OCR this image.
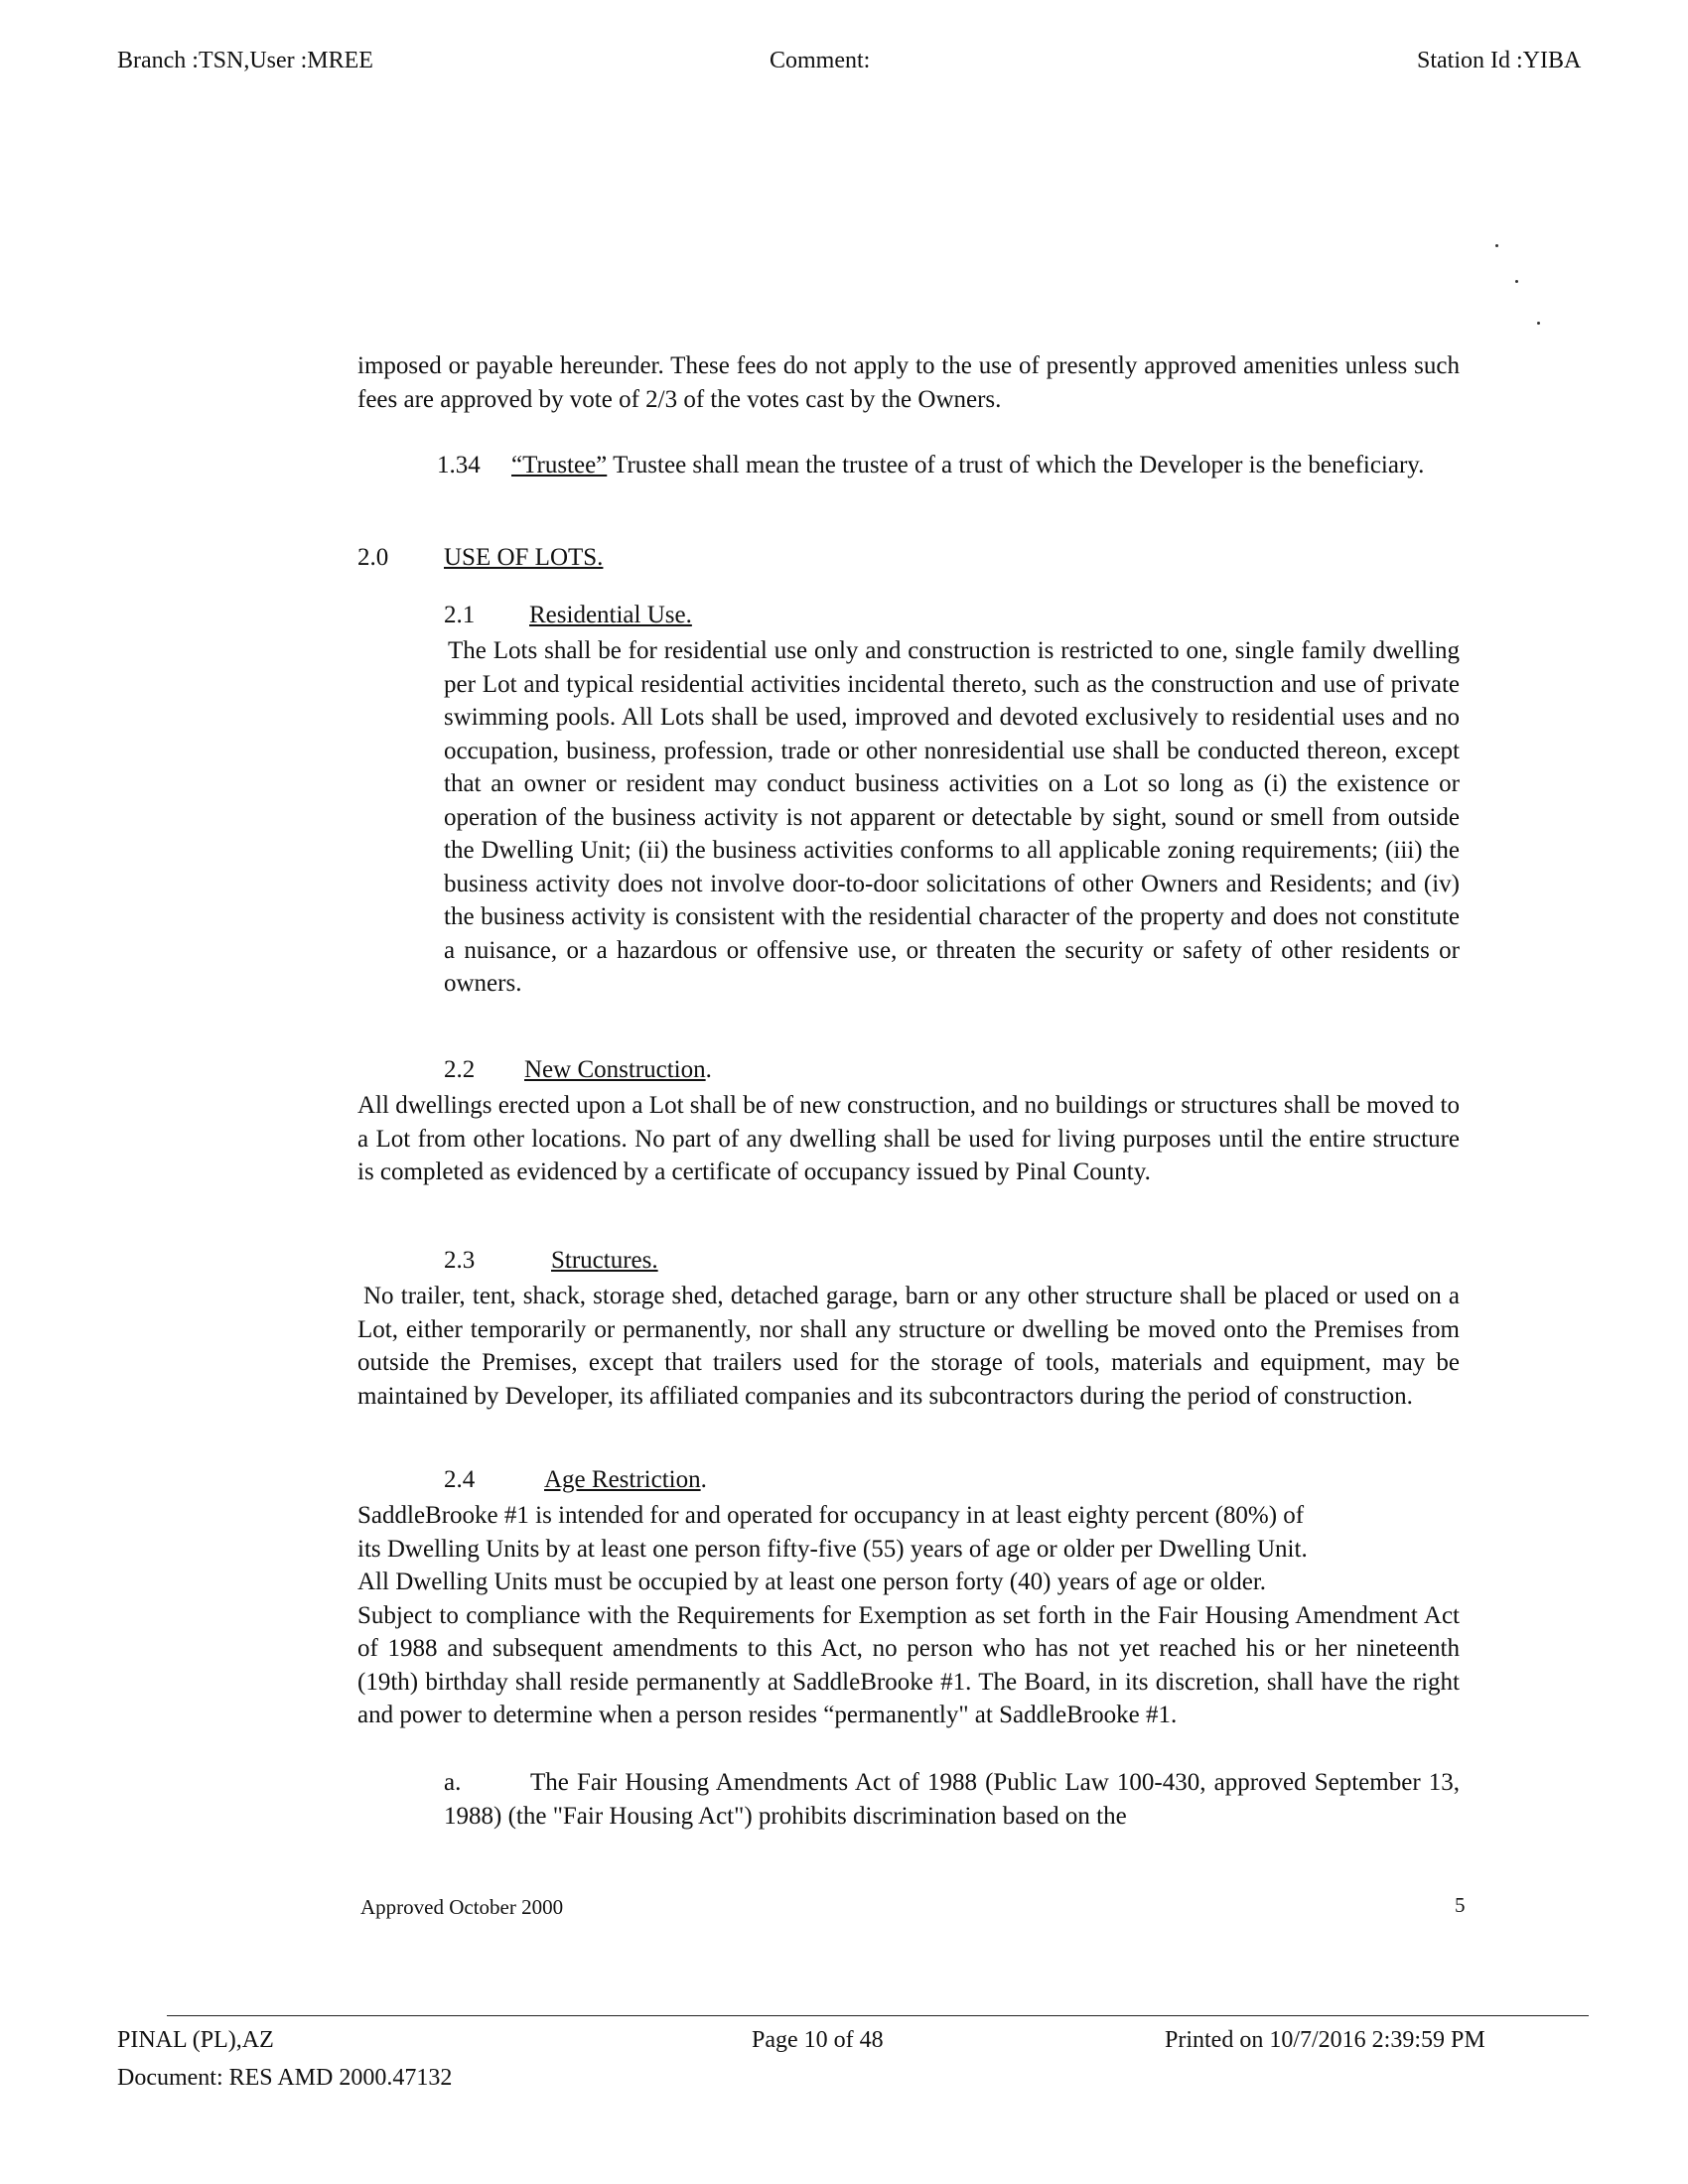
Branch :TSN,User :MREE	Comment:	Station Id :YIBA
imposed or payable hereunder. These fees do not apply to the use of presently approved amenities unless such fees are approved by vote of 2/3 of the votes cast by the Owners.
1.34 “Trustee” Trustee shall mean the trustee of a trust of which the Developer is the beneficiary.
2.0 USE OF LOTS.
2.1 Residential Use.
The Lots shall be for residential use only and construction is restricted to one, single family dwelling per Lot and typical residential activities incidental thereto, such as the construction and use of private swimming pools. All Lots shall be used, improved and devoted exclusively to residential uses and no occupation, business, profession, trade or other nonresidential use shall be conducted thereon, except that an owner or resident may conduct business activities on a Lot so long as (i) the existence or operation of the business activity is not apparent or detectable by sight, sound or smell from outside the Dwelling Unit; (ii) the business activities conforms to all applicable zoning requirements; (iii) the business activity does not involve door-to-door solicitations of other Owners and Residents; and (iv) the business activity is consistent with the residential character of the property and does not constitute a nuisance, or a hazardous or offensive use, or threaten the security or safety of other residents or owners.
2.2 New Construction.
All dwellings erected upon a Lot shall be of new construction, and no buildings or structures shall be moved to a Lot from other locations. No part of any dwelling shall be used for living purposes until the entire structure is completed as evidenced by a certificate of occupancy issued by Pinal County.
2.3	Structures.
No trailer, tent, shack, storage shed, detached garage, barn or any other structure shall be placed or used on a Lot, either temporarily or permanently, nor shall any structure or dwelling be moved onto the Premises from outside the Premises, except that trailers used for the storage of tools, materials and equipment, may be maintained by Developer, its affiliated companies and its subcontractors during the period of construction.
2.4	Age Restriction.
SaddleBrooke #1 is intended for and operated for occupancy in at least eighty percent (80%) of
its Dwelling Units by at least one person fifty-five (55) years of age or older per Dwelling Unit.
All Dwelling Units must be occupied by at least one person forty (40) years of age or older.
Subject to compliance with the Requirements for Exemption as set forth in the Fair Housing Amendment Act of 1988 and subsequent amendments to this Act, no person who has not yet reached his or her nineteenth (19th) birthday shall reside permanently at SaddleBrooke #1. The Board, in its discretion, shall have the right and power to determine when a person resides “permanently" at SaddleBrooke #1.
a.	The Fair Housing Amendments Act of 1988 (Public Law 100-430, approved September 13, 1988) (the "Fair Housing Act") prohibits discrimination based on the
Approved October 2000	5
PINAL (PL),AZ	Page 10 of 48	Printed on 10/7/2016 2:39:59 PM
Document: RES AMD 2000.47132
